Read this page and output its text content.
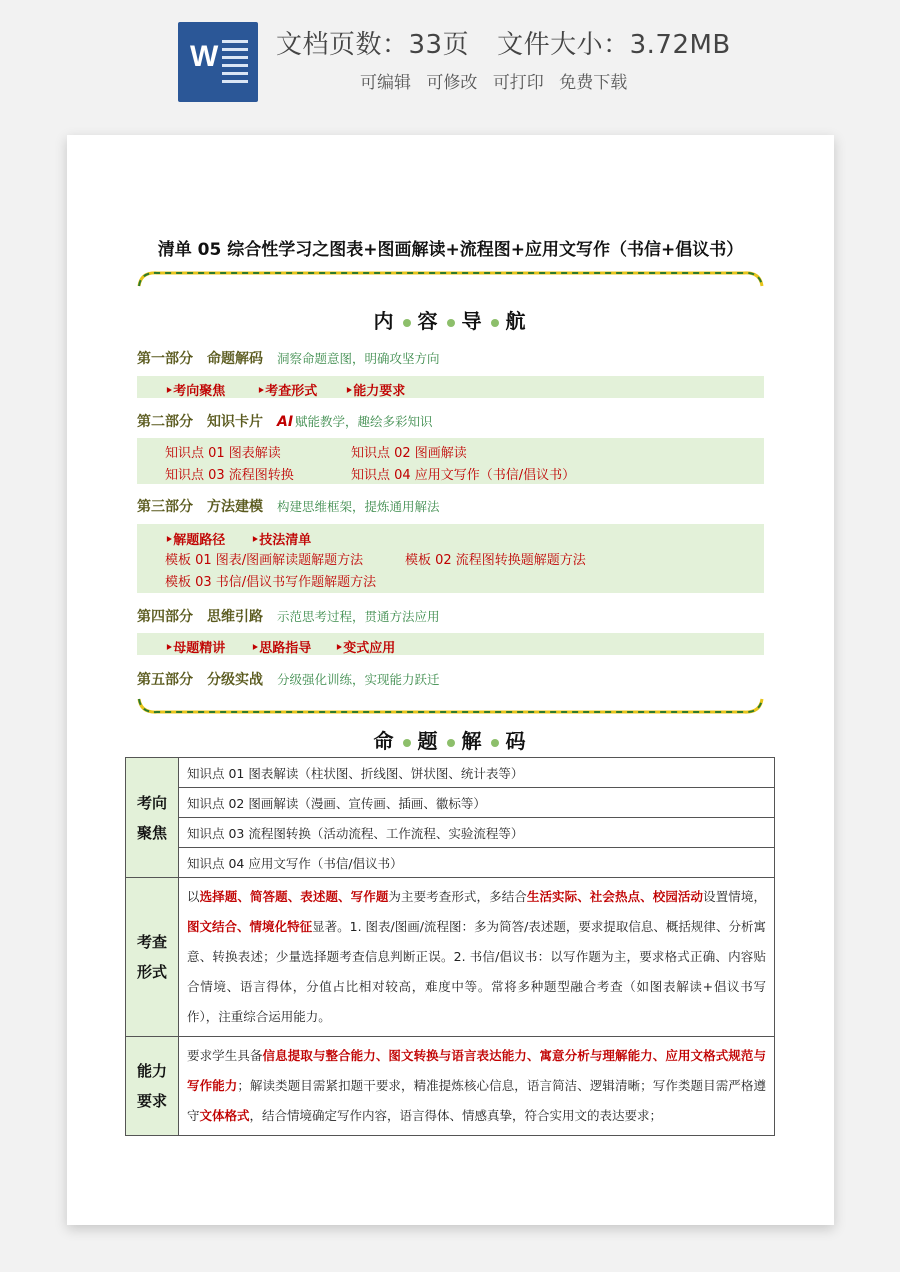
W 文档页数：33页 文件大小：3.72MB
可编辑 可修改 可打印 免费下载
清单 05 综合性学习之图表+图画解读+流程图+应用文写作（书信+倡议书）
内 容 导 航
第一部分 命题解码 洞察命题意图，明确攻坚方向
‣考向聚焦 ‣考查形式 ‣能力要求
第二部分 知识卡片 AI 赋能教学，趣绘多彩知识
知识点 01 图表解读	知识点 02 图画解读
知识点 03 流程图转换	知识点 04 应用文写作（书信/倡议书）
第三部分 方法建模 构建思维框架，提炼通用解法
‣解题路径 ‣技法清单
模板 01 图表/图画解读题解题方法	模板 02 流程图转换题解题方法
模板 03 书信/倡议书写作题解题方法
第四部分 思维引路 示范思考过程，贯通方法应用
‣母题精讲 ‣思路指导 ‣变式应用
第五部分 分级实战 分级强化训练，实现能力跃迁
命 题 解 码
考向
聚焦	知识点 01 图表解读（柱状图、折线图、饼状图、统计表等）
	知识点 02 图画解读（漫画、宣传画、插画、徽标等）
	知识点 03 流程图转换（活动流程、工作流程、实验流程等）
	知识点 04 应用文写作（书信/倡议书）

考查
形式	以选择题、简答题、表述题、写作题为主要考查形式，多结合生活实际、社会热点、校园活动设置情境，图文结合、情境化特征显著。1. 图表/图画/流程图：多为简答/表述题，要求提取信息、概括规律、分析寓意、转换表述；少量选择题考查信息判断正误。2. 书信/倡议书：以写作题为主，要求格式正确、内容贴合情境、语言得体，分值占比相对较高，难度中等。常将多种题型融合考查（如图表解读+倡议书写作），注重综合运用能力。

能力
要求	要求学生具备信息提取与整合能力、图文转换与语言表达能力、寓意分析与理解能力、应用文格式规范与写作能力；解读类题目需紧扣题干要求，精准提炼核心信息，语言简洁、逻辑清晰；写作类题目需严格遵守文体格式，结合情境确定写作内容，语言得体、情感真挚，符合实用文的表达要求；
